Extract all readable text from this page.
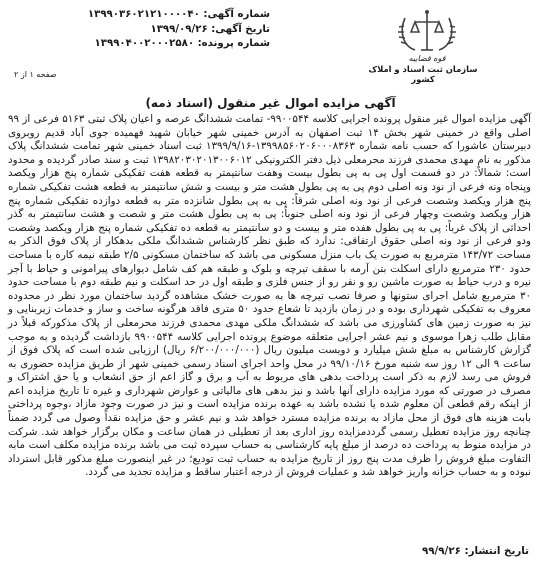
شماره آگهی: ۱۳۹۹۰۳۶۰۲۱۲۱۰۰۰۰۴۰
تاریخ آگهی: ۱۳۹۹/۰۹/۲۶
شماره پرونده: ۱۳۹۹۰۴۰۰۲۰۰۰۲۵۸۰
قوه قضاییه
سازمان ثبت اسناد و املاک کشور
صفحه ۱ از ۲
آگهی مزایده اموال غیر منقول (اسناد ذمه)

آگهی مزایده اموال غیر منقول پرونده اجرایی کلاسه ۹۹۰۰۵۴۴- تمامت ششدانگ عرصه و اعیان پلاک ثبتی ۵۱۶۳ فرعی از ۹۹ اصلی واقع در خمینی شهر بخش ۱۴ ثبت اصفهان به آدرس خمینی شهر خیابان شهید فهمیده جوی آباد قدیم روبروی دبیرستان عاشورا که حسب نامه شماره ۱۳۹۹۸۵۶۰۲۰۶۰۰۰۸۳۶۳-۱۳۹۹/۹/۱۶ ثبت اسناد خمینی شهر تمامت ششدانگ پلاک مذکور به نام مهدی محمدی فرزند محرمعلی ذیل دفتر الکترونیکی ۱۳۹۸۲۰۳۰۲۰۱۳۰۰۶۰۱۲ ثبت و سند صادر گردیده و محدود است: شمالاً: در دو قسمت اول پی به پی بطول بیست وهفت سانتیمتر به قطعه هفت تفکیکی شماره پنج هزار ویکصد وپنجاه ونه فرعی از نود ونه اصلی دوم پی به پی بطول هشت متر و بیست و شش سانتیمتر به قطعه هشت تفکیکی شماره پنج هزار ویکصد وشصت فرعی از نود ونه اصلی شرقاً: پی به پی بطول شانزده متر به قطعه دوازده تفکیکی شماره پنج هزار ویکصد وشصت وچهار فرعی از نود ونه اصلی جنوباً: پی به پی بطول هشت متر و شصت و هشت سانتیمتر به گذر احداثی از پلاک غرباً: پی به پی بطول هفده متر و بیست و دو سانتیمتر به قطعه ده تفکیکی شماره پنج هزار ویکصد وشصت ودو فرعی از نود ونه اصلی حقوق ارتفاقی: ندارد که طبق نظر کارشناس ششدانگ ملکی بدهکار از پلاک فوق الذکر به مساحت ۱۴۳/۷۲ مترمربع به صورت یک باب منزل مسکونی می باشد که ساختمان مسکونی ۲/۵ طبقه نیمه کاره با مساحت حدود ۲۳۰ مترمربع دارای اسکلت بتن آرمه با سقف تیرچه و بلوک و طبقه هم کف شامل دیوارهای پیرامونی و حیاط با آجر نیره و درب حیاط به صورت ماشین رو و نفر رو از جنس فلزی و طبقه اول در حد اسکلت و نیم طبقه دوم با مساحت حدود ۳۰ مترمربع شامل اجرای ستونها و صرفا نصب تیرچه ها به صورت خشک مشاهده گردید ساختمان مورد نظر در محدوده معروف به تفکیکی شهرداری بوده و در زمان بازدید تا شعاع حدود ۵۰ متری فاقد هرگونه ساخت و ساز و خدمات زیربنایی و نیز به صورت زمین های کشاورزی می باشد که ششدانگ ملکی مهدی محمدی فرزند محرمعلی از پلاک مذکورکه قبلاً در مقابل طلب زهرا موسوی و نیم عشر اجرایی متعلقه موضوع پرونده اجرایی کلاسه ۹۹۰۰۵۴۴ بازداشت گردیده و به موجب گزارش کارشناس به مبلغ شش میلیارد و دویست میلیون ریال (۶/۲۰۰/۰۰۰/۰۰۰ ریال) ارزیابی شده است که پلاک فوق از ساعت ۹ الی ۱۲ روز سه شنبه مورخ ۹۹/۱۰/۱۶ در محل واحد اجرای اسناد رسمی خمینی شهر از طریق مزایده حضوری به فروش می رسد لازم به ذکر است پرداخت بدهی های مربوط به آب و برق و گاز اعم از حق انشعاب و یا حق اشتراک و مصرف در صورتی که مورد مزایده دارای آنها باشد و نیز بدهی های مالیاتی و عوارض شهرداری و غیره تا تاریخ مزایده اعم از اینکه رقم قطعی آن معلوم شده یا نشده باشد به عهده برنده مزایده است و نیز در صورت وجود مازاد ،وجوه پرداختی بابت هزینه های فوق از محل مازاد به برنده مزایده مسترد خواهد شد و نیم عشر و حق مزایده نقداً وصول می گردد ضمناً چنانچه روز مزایده تعطیل رسمی گرددمزایده روز اداری بعد از تعطیلی در همان ساعت و مکان برگزار خواهد شد. شرکت در مزایده منوط به پرداخت ده درصد از مبلغ پایه کارشناسی به حساب سپرده ثبت می باشد برنده مزایده مکلف است مابه التفاوت مبلغ فروش را ظرف مدت پنج روز از تاریخ مزایده به حساب ثبت تودیع؛ در غیر اینصورت مبلغ مذکور قابل استرداد نبوده و به حساب خزانه واریز خواهد شد و عملیات فروش از درجه اعتبار ساقط و مزایده تجدید می گردد.

تاریخ انتشار: ۹۹/۹/۲۶
